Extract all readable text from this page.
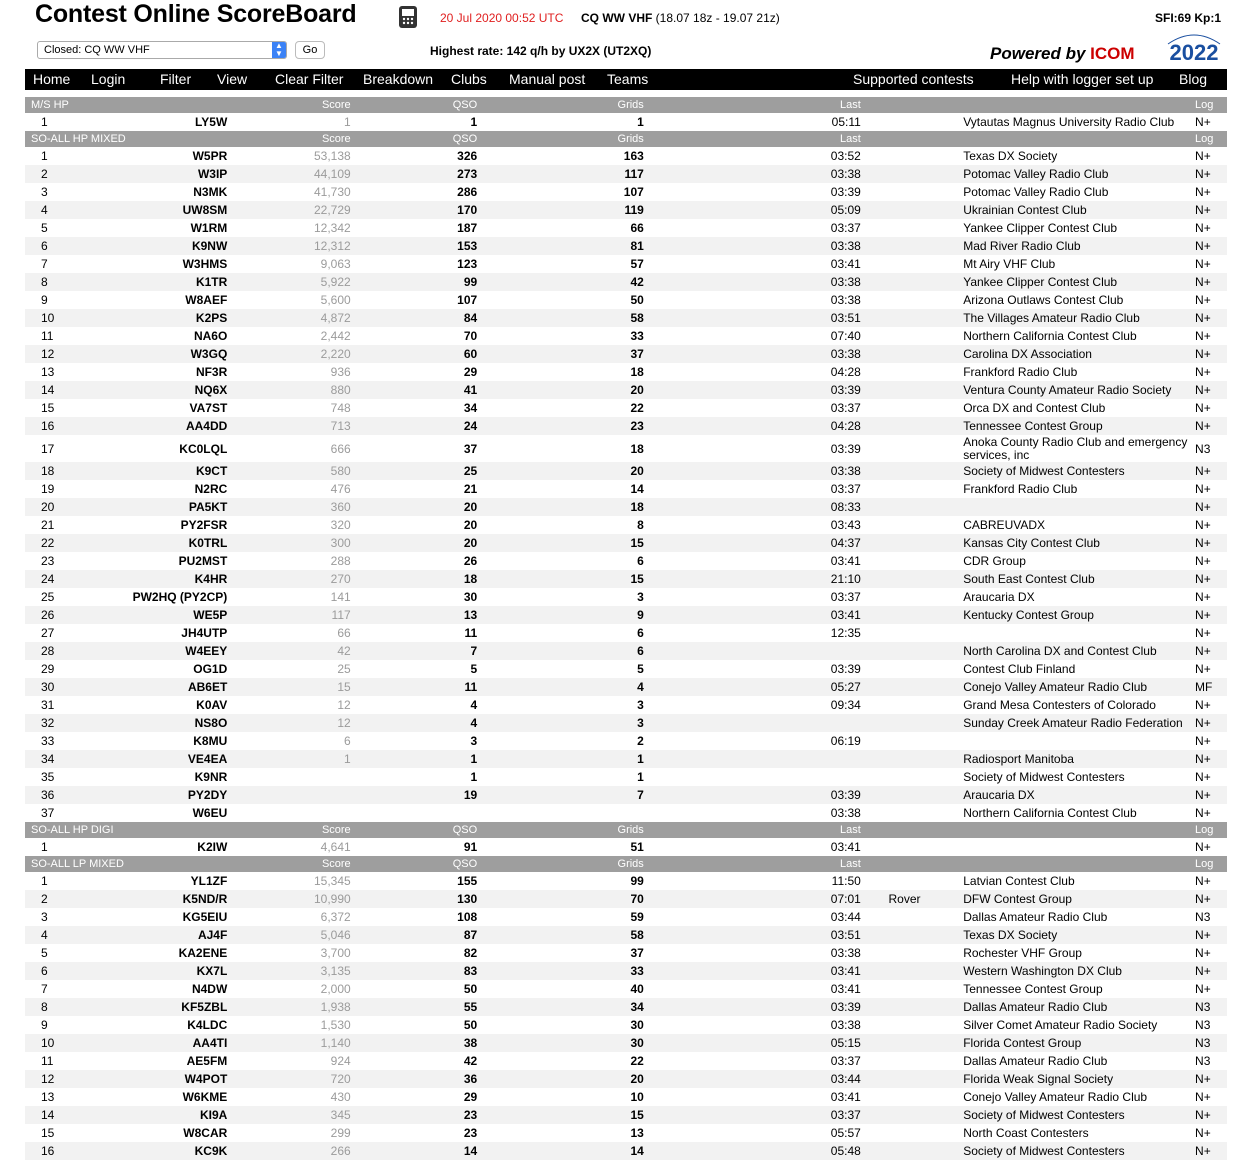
Contest Online ScoreBoard	20 Jul 2020 00:52 UTC CQ WW VHF (18.07 18z - 19.07 21z)	SFI:69 Kp:1
Closed: CQ WW VHF	▲
▼	Go	Highest rate: 142 q/h by UX2X (UT2XQ)	Powered by ICOM 2022
Home Login Filter View Clear Filter Breakdown Clubs Manual post Teams	Supported contests	Help with logger set up Blog
M/S HP		Score	QSO	Grids	Last			Log
1	LY5W	1	1	1	05:11		Vytautas Magnus University Radio Club	N+
SO-ALL HP MIXED		Score	QSO	Grids	Last			Log
1	W5PR	53,138	326	163	03:52		Texas DX Society	N+
2	W3IP	44,109	273	117	03:38		Potomac Valley Radio Club	N+
3	N3MK	41,730	286	107	03:39		Potomac Valley Radio Club	N+
4	UW8SM	22,729	170	119	05:09		Ukrainian Contest Club	N+
5	W1RM	12,342	187	66	03:37		Yankee Clipper Contest Club	N+
6	K9NW	12,312	153	81	03:38		Mad River Radio Club	N+
7	W3HMS	9,063	123	57	03:41		Mt Airy VHF Club	N+
8	K1TR	5,922	99	42	03:38		Yankee Clipper Contest Club	N+
9	W8AEF	5,600	107	50	03:38		Arizona Outlaws Contest Club	N+
10	K2PS	4,872	84	58	03:51		The Villages Amateur Radio Club	N+
11	NA6O	2,442	70	33	07:40		Northern California Contest Club	N+
12	W3GQ	2,220	60	37	03:38		Carolina DX Association	N+
13	NF3R	936	29	18	04:28		Frankford Radio Club	N+
14	NQ6X	880	41	20	03:39		Ventura County Amateur Radio Society	N+
15	VA7ST	748	34	22	03:37		Orca DX and Contest Club	N+
16	AA4DD	713	24	23	04:28		Tennessee Contest Group	N+
17	KC0LQL	666	37	18	03:39		Anoka County Radio Club and emergency services, inc	N3
18	K9CT	580	25	20	03:38		Society of Midwest Contesters	N+
19	N2RC	476	21	14	03:37		Frankford Radio Club	N+
20	PA5KT	360	20	18	08:33			N+
21	PY2FSR	320	20	8	03:43		CABREUVADX	N+
22	K0TRL	300	20	15	04:37		Kansas City Contest Club	N+
23	PU2MST	288	26	6	03:41		CDR Group	N+
24	K4HR	270	18	15	21:10		South East Contest Club	N+
25	PW2HQ (PY2CP)	141	30	3	03:37		Araucaria DX	N+
26	WE5P	117	13	9	03:41		Kentucky Contest Group	N+
27	JH4UTP	66	11	6	12:35			N+
28	W4EEY	42	7	6			North Carolina DX and Contest Club	N+
29	OG1D	25	5	5	03:39		Contest Club Finland	N+
30	AB6ET	15	11	4	05:27		Conejo Valley Amateur Radio Club	MF
31	K0AV	12	4	3	09:34		Grand Mesa Contesters of Colorado	N+
32	NS8O	12	4	3			Sunday Creek Amateur Radio Federation	N+
33	K8MU	6	3	2	06:19			N+
34	VE4EA	1	1	1			Radiosport Manitoba	N+
35	K9NR		1	1			Society of Midwest Contesters	N+
36	PY2DY		19	7	03:39		Araucaria DX	N+
37	W6EU				03:38		Northern California Contest Club	N+
SO-ALL HP DIGI		Score	QSO	Grids	Last			Log
1	K2IW	4,641	91	51	03:41			N+
SO-ALL LP MIXED		Score	QSO	Grids	Last			Log
1	YL1ZF	15,345	155	99	11:50		Latvian Contest Club	N+
2	K5ND/R	10,990	130	70	07:01	Rover	DFW Contest Group	N+
3	KG5EIU	6,372	108	59	03:44		Dallas Amateur Radio Club	N3
4	AJ4F	5,046	87	58	03:51		Texas DX Society	N+
5	KA2ENE	3,700	82	37	03:38		Rochester VHF Group	N+
6	KX7L	3,135	83	33	03:41		Western Washington DX Club	N+
7	N4DW	2,000	50	40	03:41		Tennessee Contest Group	N+
8	KF5ZBL	1,938	55	34	03:39		Dallas Amateur Radio Club	N3
9	K4LDC	1,530	50	30	03:38		Silver Comet Amateur Radio Society	N3
10	AA4TI	1,140	38	30	05:15		Florida Contest Group	N3
11	AE5FM	924	42	22	03:37		Dallas Amateur Radio Club	N3
12	W4POT	720	36	20	03:44		Florida Weak Signal Society	N+
13	W6KME	430	29	10	03:41		Conejo Valley Amateur Radio Club	N+
14	KI9A	345	23	15	03:37		Society of Midwest Contesters	N+
15	W8CAR	299	23	13	05:57		North Coast Contesters	N+
16	KC9K	266	14	14	05:48		Society of Midwest Contesters	N+
